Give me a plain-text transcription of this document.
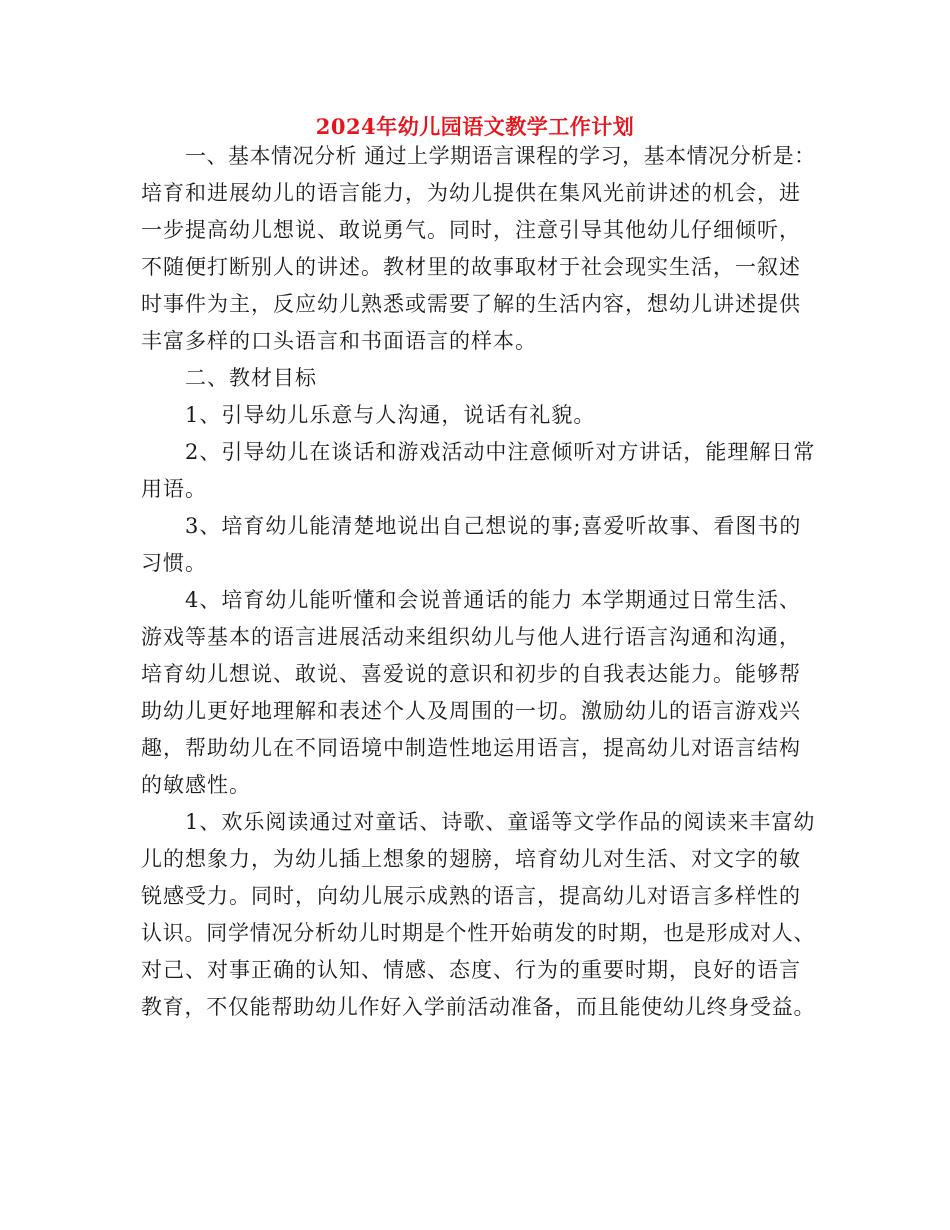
2024年幼儿园语文教学工作计划
一、基本情况分析 通过上学期语言课程的学习，基本情况分析是：
培育和进展幼儿的语言能力，为幼儿提供在集风光前讲述的机会，进
一步提高幼儿想说、敢说勇气。同时，注意引导其他幼儿仔细倾听，
不随便打断别人的讲述。教材里的故事取材于社会现实生活，一叙述
时事件为主，反应幼儿熟悉或需要了解的生活内容，想幼儿讲述提供
丰富多样的口头语言和书面语言的样本。
二、教材目标
1、引导幼儿乐意与人沟通，说话有礼貌。
2、引导幼儿在谈话和游戏活动中注意倾听对方讲话，能理解日常
用语。
3、培育幼儿能清楚地说出自己想说的事;喜爱听故事、看图书的
习惯。
4、培育幼儿能听懂和会说普通话的能力 本学期通过日常生活、
游戏等基本的语言进展活动来组织幼儿与他人进行语言沟通和沟通，
培育幼儿想说、敢说、喜爱说的意识和初步的自我表达能力。能够帮
助幼儿更好地理解和表述个人及周围的一切。激励幼儿的语言游戏兴
趣，帮助幼儿在不同语境中制造性地运用语言，提高幼儿对语言结构
的敏感性。
1、欢乐阅读通过对童话、诗歌、童谣等文学作品的阅读来丰富幼
儿的想象力，为幼儿插上想象的翅膀，培育幼儿对生活、对文字的敏
锐感受力。同时，向幼儿展示成熟的语言，提高幼儿对语言多样性的
认识。同学情况分析幼儿时期是个性开始萌发的时期，也是形成对人、
对己、对事正确的认知、情感、态度、行为的重要时期，良好的语言
教育，不仅能帮助幼儿作好入学前活动准备，而且能使幼儿终身受益。
